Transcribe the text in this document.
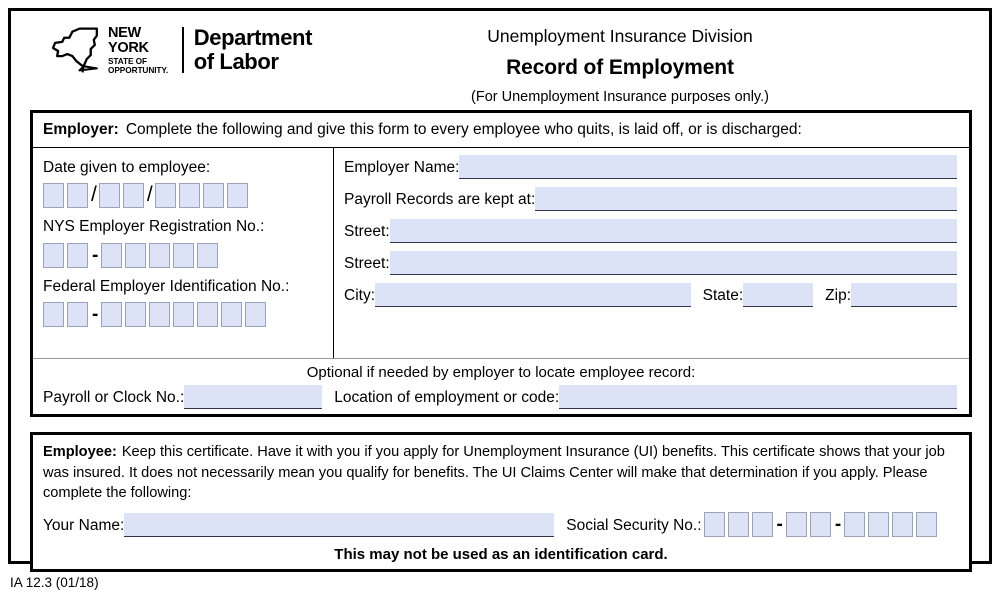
NEW YORK
STATE OF
OPPORTUNITY.
Department
of Labor
Unemployment Insurance Division
Record of Employment
(For Unemployment Insurance purposes only.)
Employer: Complete the following and give this form to every employee who quits, is laid off, or is discharged:
Date given to employee:
/ /
NYS Employer Registration No.:
-
Federal Employer Identification No.:
-
Employer Name:
Payroll Records are kept at:
Street:
Street:
City:	State:	Zip:
Optional if needed by employer to locate employee record:
Payroll or Clock No.:	Location of employment or code:
Employee: Keep this certificate. Have it with you if you apply for Unemployment Insurance (UI) benefits. This certificate shows that your job was insured. It does not necessarily mean you qualify for benefits. The UI Claims Center will make that determination if you apply. Please complete the following:
Your Name:	Social Security No.:	-	-
This may not be used as an identification card.
IA 12.3 (01/18)
